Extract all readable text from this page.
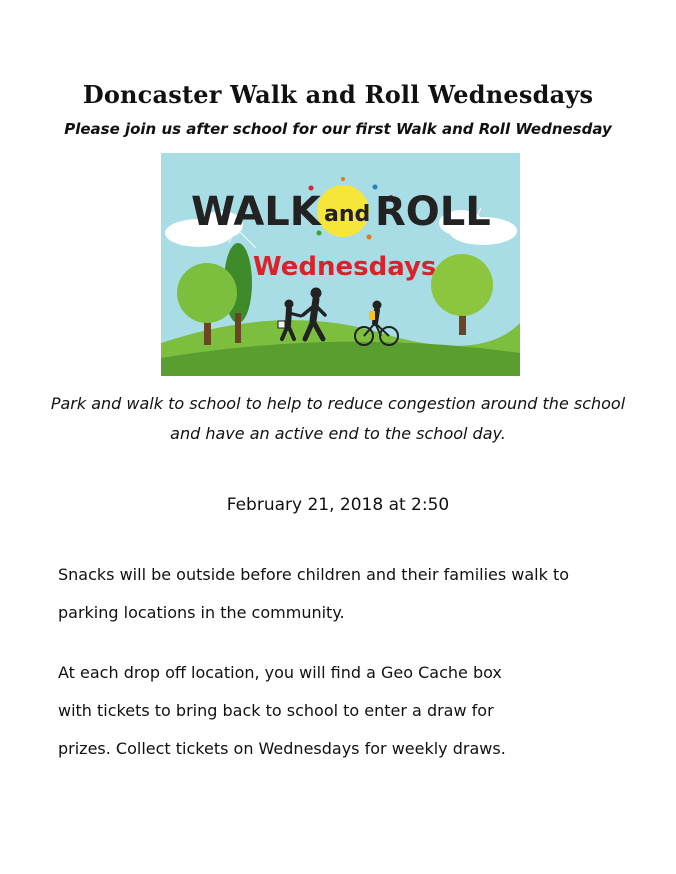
Doncaster Walk and Roll Wednesdays

Please join us after school for our first Walk and Roll Wednesday

WALK and ROLL
Wednesdays

Park and walk to school to help to reduce congestion around the school
and have an active end to the school day.

February 21, 2018 at 2:50

Snacks will be outside before children and their families walk to
parking locations in the community.

At each drop off location, you will find a Geo Cache box
with tickets to bring back to school to enter a draw for
prizes. Collect tickets on Wednesdays for weekly draws.
